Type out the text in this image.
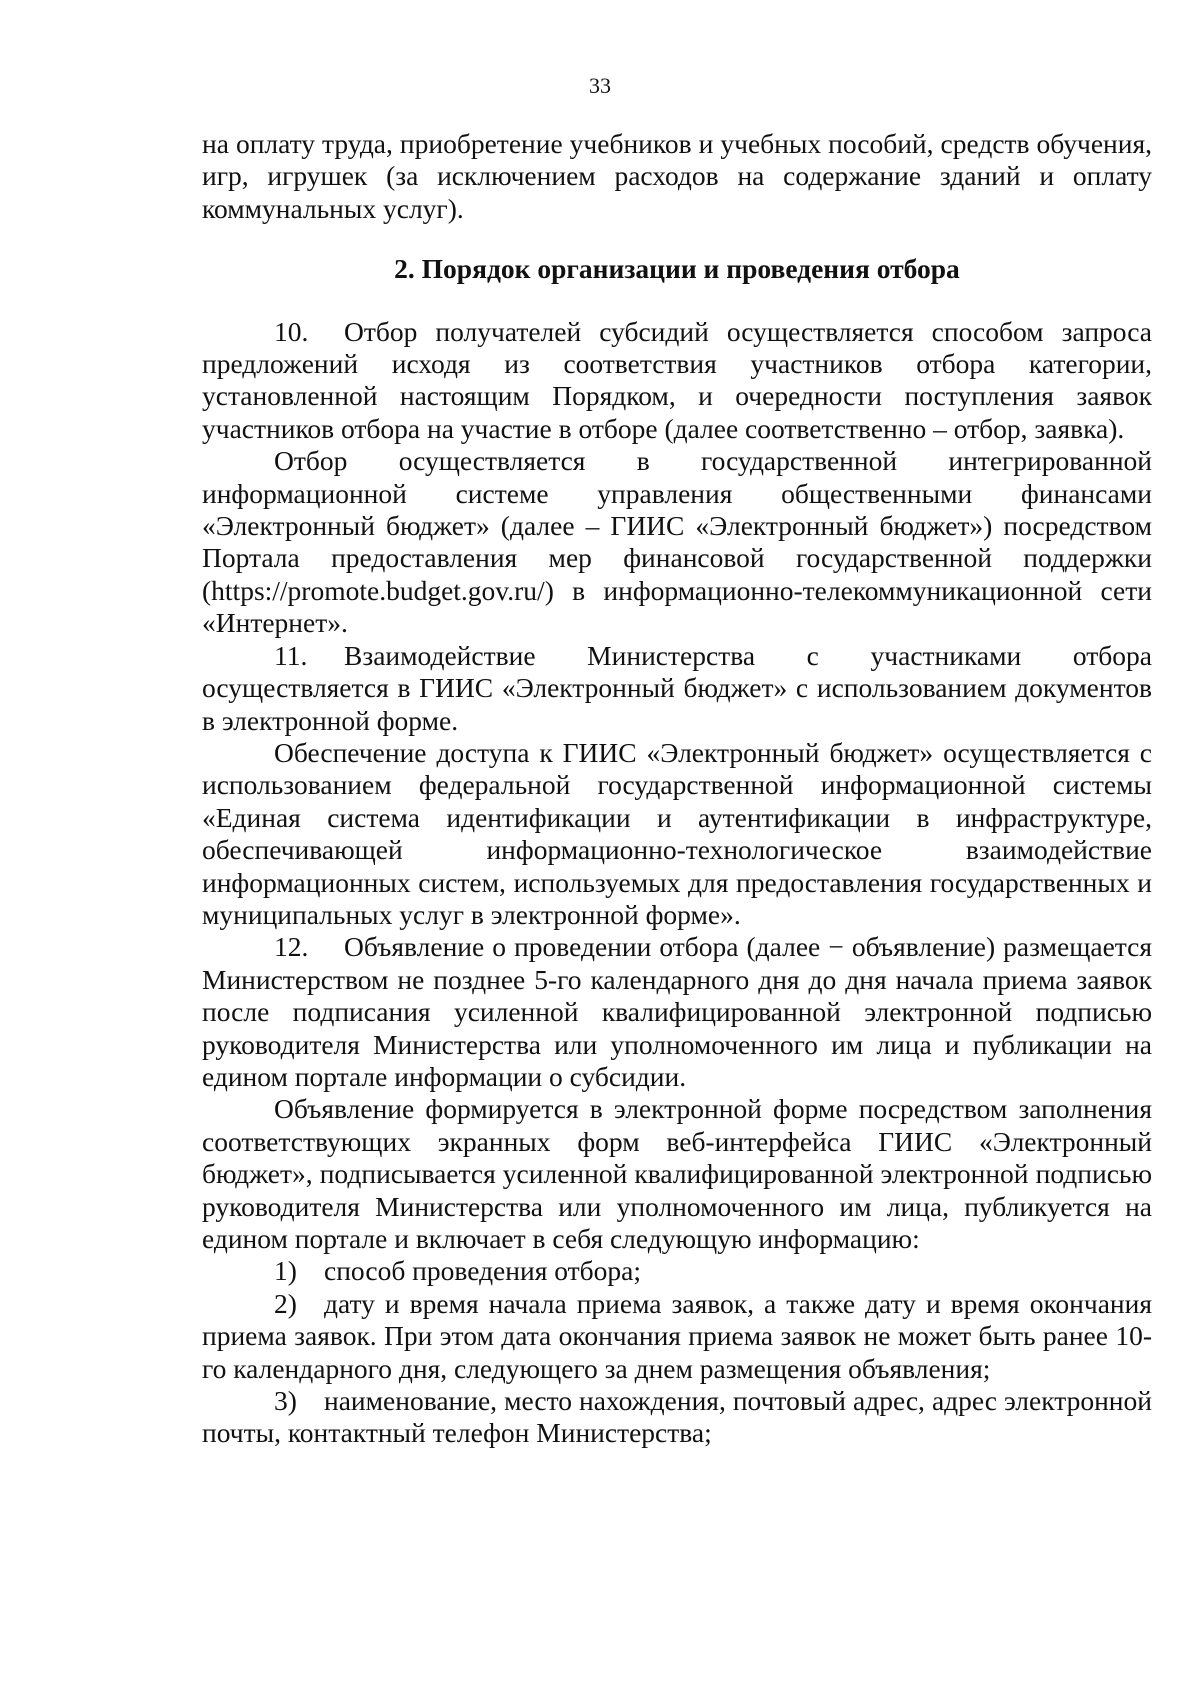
33

на оплату труда, приобретение учебников и учебных пособий, средств обучения, игр, игрушек (за исключением расходов на содержание зданий и оплату коммунальных услуг).

2. Порядок организации и проведения отбора

10. Отбор получателей субсидий осуществляется способом запроса предложений исходя из соответствия участников отбора категории, установленной настоящим Порядком, и очередности поступления заявок участников отбора на участие в отборе (далее соответственно – отбор, заявка).

Отбор осуществляется в государственной интегрированной информационной системе управления общественными финансами «Электронный бюджет» (далее – ГИИС «Электронный бюджет») посредством Портала предоставления мер финансовой государственной поддержки (https://promote.budget.gov.ru/) в информационно-телекоммуникационной сети «Интернет».

11. Взаимодействие Министерства с участниками отбора осуществляется в ГИИС «Электронный бюджет» с использованием документов в электронной форме.

Обеспечение доступа к ГИИС «Электронный бюджет» осуществляется с использованием федеральной государственной информационной системы «Единая система идентификации и аутентификации в инфраструктуре, обеспечивающей информационно-технологическое взаимодействие информационных систем, используемых для предоставления государственных и муниципальных услуг в электронной форме».

12. Объявление о проведении отбора (далее − объявление) размещается Министерством не позднее 5-го календарного дня до дня начала приема заявок после подписания усиленной квалифицированной электронной подписью руководителя Министерства или уполномоченного им лица и публикации на едином портале информации о субсидии.

Объявление формируется в электронной форме посредством заполнения соответствующих экранных форм веб-интерфейса ГИИС «Электронный бюджет», подписывается усиленной квалифицированной электронной подписью руководителя Министерства или уполномоченного им лица, публикуется на едином портале и включает в себя следующую информацию:

1) способ проведения отбора;

2) дату и время начала приема заявок, а также дату и время окончания приема заявок. При этом дата окончания приема заявок не может быть ранее 10-го календарного дня, следующего за днем размещения объявления;

3) наименование, место нахождения, почтовый адрес, адрес электронной почты, контактный телефон Министерства;
